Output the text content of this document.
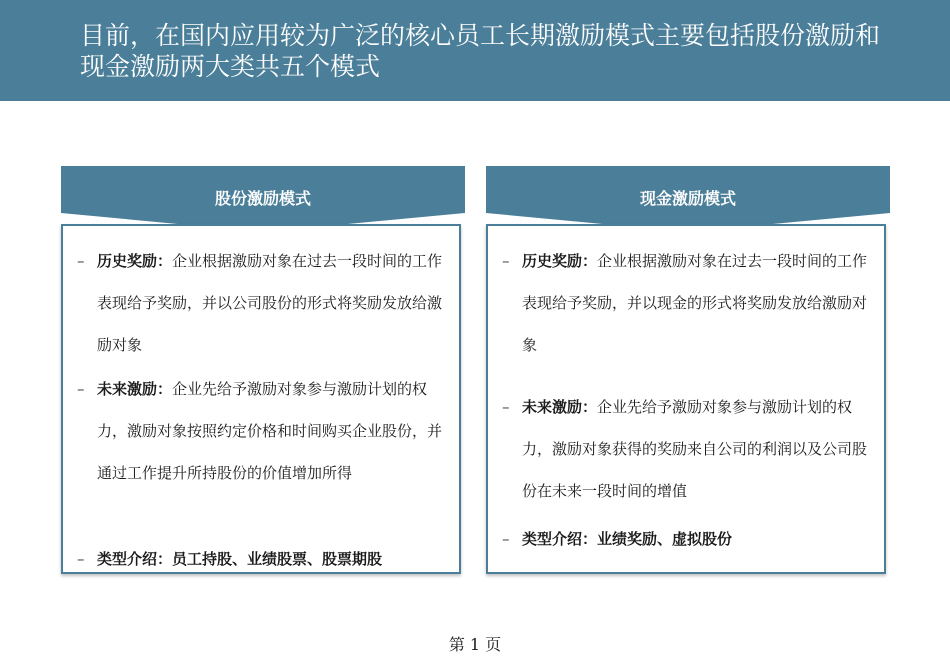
目前，在国内应用较为广泛的核心员工长期激励模式主要包括股份激励和现金激励两大类共五个模式
股份激励模式
– 历史奖励：企业根据激励对象在过去一段时间的工作表现给予奖励，并以公司股份的形式将奖励发放给激励对象
– 未来激励：企业先给予激励对象参与激励计划的权力，激励对象按照约定价格和时间购买企业股份，并通过工作提升所持股份的价值增加所得
– 类型介绍：员工持股、业绩股票、股票期股
现金激励模式
– 历史奖励：企业根据激励对象在过去一段时间的工作表现给予奖励，并以现金的形式将奖励发放给激励对象
– 未来激励：企业先给予激励对象参与激励计划的权力，激励对象获得的奖励来自公司的利润以及公司股份在未来一段时间的增值
– 类型介绍：业绩奖励、虚拟股份
第 1 页
